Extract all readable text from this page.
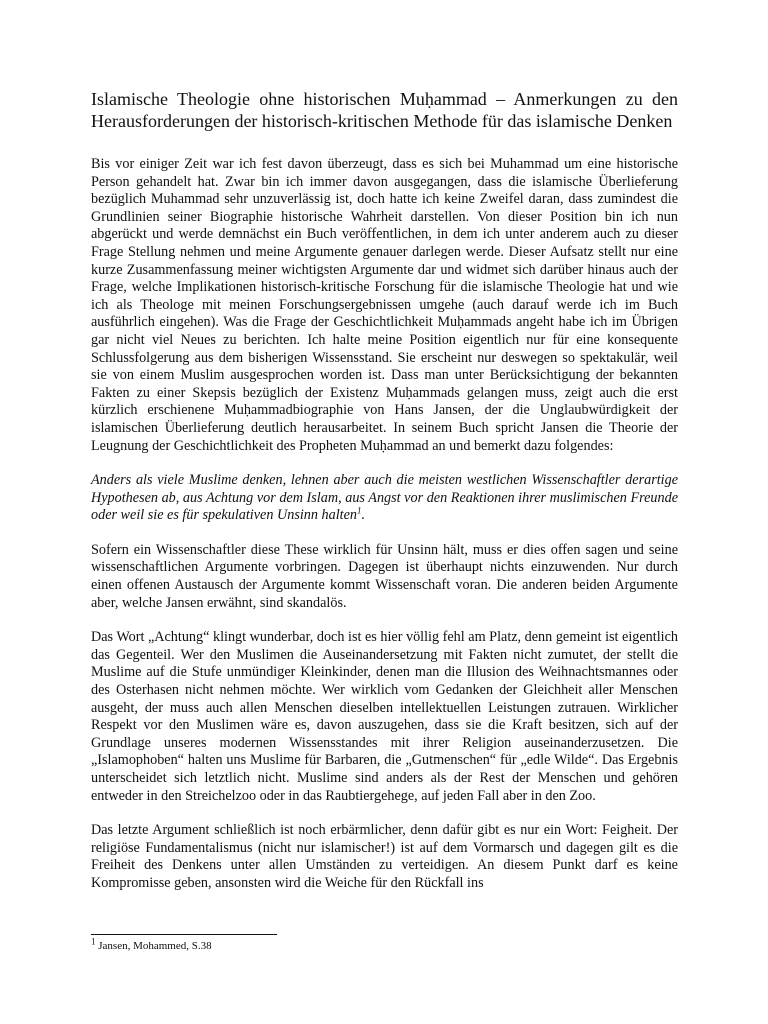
Islamische Theologie ohne historischen Muḥammad – Anmerkungen zu den Herausforderungen der historisch-kritischen Methode für das islamische Denken

Bis vor einiger Zeit war ich fest davon überzeugt, dass es sich bei Muhammad um eine historische Person gehandelt hat. Zwar bin ich immer davon ausgegangen, dass die islamische Überlieferung bezüglich Muhammad sehr unzuverlässig ist, doch hatte ich keine Zweifel daran, dass zumindest die Grundlinien seiner Biographie historische Wahrheit darstellen. Von dieser Position bin ich nun abgerückt und werde demnächst ein Buch veröffentlichen, in dem ich unter anderem auch zu dieser Frage Stellung nehmen und meine Argumente genauer darlegen werde. Dieser Aufsatz stellt nur eine kurze Zusammenfassung meiner wichtigsten Argumente dar und widmet sich darüber hinaus auch der Frage, welche Implikationen historisch-kritische Forschung für die islamische Theologie hat und wie ich als Theologe mit meinen Forschungsergebnissen umgehe (auch darauf werde ich im Buch ausführlich eingehen). Was die Frage der Geschichtlichkeit Muḥammads angeht habe ich im Übrigen gar nicht viel Neues zu berichten. Ich halte meine Position eigentlich nur für eine konsequente Schlussfolgerung aus dem bisherigen Wissensstand. Sie erscheint nur deswegen so spektakulär, weil sie von einem Muslim ausgesprochen worden ist. Dass man unter Berücksichtigung der bekannten Fakten zu einer Skepsis bezüglich der Existenz Muḥammads gelangen muss, zeigt auch die erst kürzlich erschienene Muḥammadbiographie von Hans Jansen, der die Unglaubwürdigkeit der islamischen Überlieferung deutlich herausarbeitet. In seinem Buch spricht Jansen die Theorie der Leugnung der Geschichtlichkeit des Propheten Muḥammad an und bemerkt dazu folgendes:

Anders als viele Muslime denken, lehnen aber auch die meisten westlichen Wissenschaftler derartige Hypothesen ab, aus Achtung vor dem Islam, aus Angst vor den Reaktionen ihrer muslimischen Freunde oder weil sie es für spekulativen Unsinn halten$^1$.

Sofern ein Wissenschaftler diese These wirklich für Unsinn hält, muss er dies offen sagen und seine wissenschaftlichen Argumente vorbringen. Dagegen ist überhaupt nichts einzuwenden. Nur durch einen offenen Austausch der Argumente kommt Wissenschaft voran. Die anderen beiden Argumente aber, welche Jansen erwähnt, sind skandalös.

Das Wort „Achtung“ klingt wunderbar, doch ist es hier völlig fehl am Platz, denn gemeint ist eigentlich das Gegenteil. Wer den Muslimen die Auseinandersetzung mit Fakten nicht zumutet, der stellt die Muslime auf die Stufe unmündiger Kleinkinder, denen man die Illusion des Weihnachtsmannes oder des Osterhasen nicht nehmen möchte. Wer wirklich vom Gedanken der Gleichheit aller Menschen ausgeht, der muss auch allen Menschen dieselben intellektuellen Leistungen zutrauen. Wirklicher Respekt vor den Muslimen wäre es, davon auszugehen, dass sie die Kraft besitzen, sich auf der Grundlage unseres modernen Wissensstandes mit ihrer Religion auseinanderzusetzen. Die „Islamophoben“ halten uns Muslime für Barbaren, die „Gutmenschen“ für „edle Wilde“. Das Ergebnis unterscheidet sich letztlich nicht. Muslime sind anders als der Rest der Menschen und gehören entweder in den Streichelzoo oder in das Raubtiergehege, auf jeden Fall aber in den Zoo.

Das letzte Argument schließlich ist noch erbärmlicher, denn dafür gibt es nur ein Wort: Feigheit. Der religiöse Fundamentalismus (nicht nur islamischer!) ist auf dem Vormarsch und dagegen gilt es die Freiheit des Denkens unter allen Umständen zu verteidigen. An diesem Punkt darf es keine Kompromisse geben, ansonsten wird die Weiche für den Rückfall ins

$^1$ Jansen, Mohammed, S.38
